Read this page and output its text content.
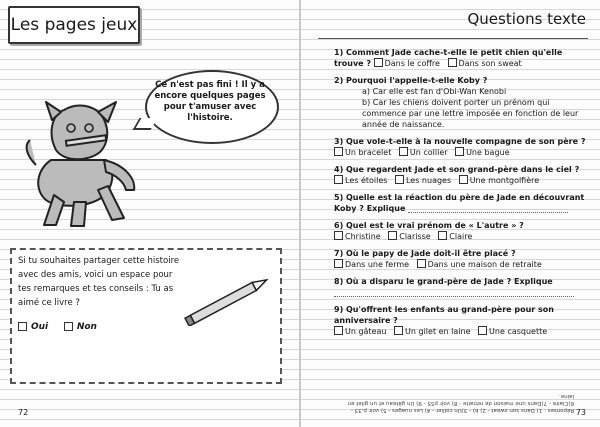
Les pages jeux
Ce n'est pas fini ! Il y a encore quelques pages pour t'amuser avec l'histoire.
Si tu souhaites partager cette histoire avec des amis, voici un espace pour tes remarques et tes conseils : Tu as aimé ce livre ?
Oui	Non
72
Questions texte
1) Comment Jade cache-t-elle le petit chien qu'elle trouve ? Dans le coffre Dans son sweat
2) Pourquoi l'appelle-t-elle Koby ?
a) Car elle est fan d'Obi-Wan Kenobi
b) Car les chiens doivent porter un prénom qui commence par une lettre imposée en fonction de leur année de naissance.
3) Que vole-t-elle à la nouvelle compagne de son père ?
Un bracelet Un collier Une bague
4) Que regardent Jade et son grand-père dans le ciel ?
Les étoiles Les nuages Une montgolfière
5) Quelle est la réaction du père de Jade en découvrant Koby ? Explique
6) Quel est le vrai prénom de « L'autre » ?
Christine Clarisse Claire
7) Où le papy de Jade doit-il être placé ?
Dans une ferme Dans une maison de retraite
8) Où a disparu le grand-père de Jade ? Explique
9) Qu'offrent les enfants au grand-père pour son anniversaire ?
Un gâteau Un gilet en laine Une casquette
Réponses : 1) Dans son sweat - 2) b) - 3)Un collier - 4) Les nuages - 5) voir p.33 - 6)Claire - 7)Dans une maison de retraite - 8) voir p55 - 9) Un gâteau et un gilet en laine.
73
